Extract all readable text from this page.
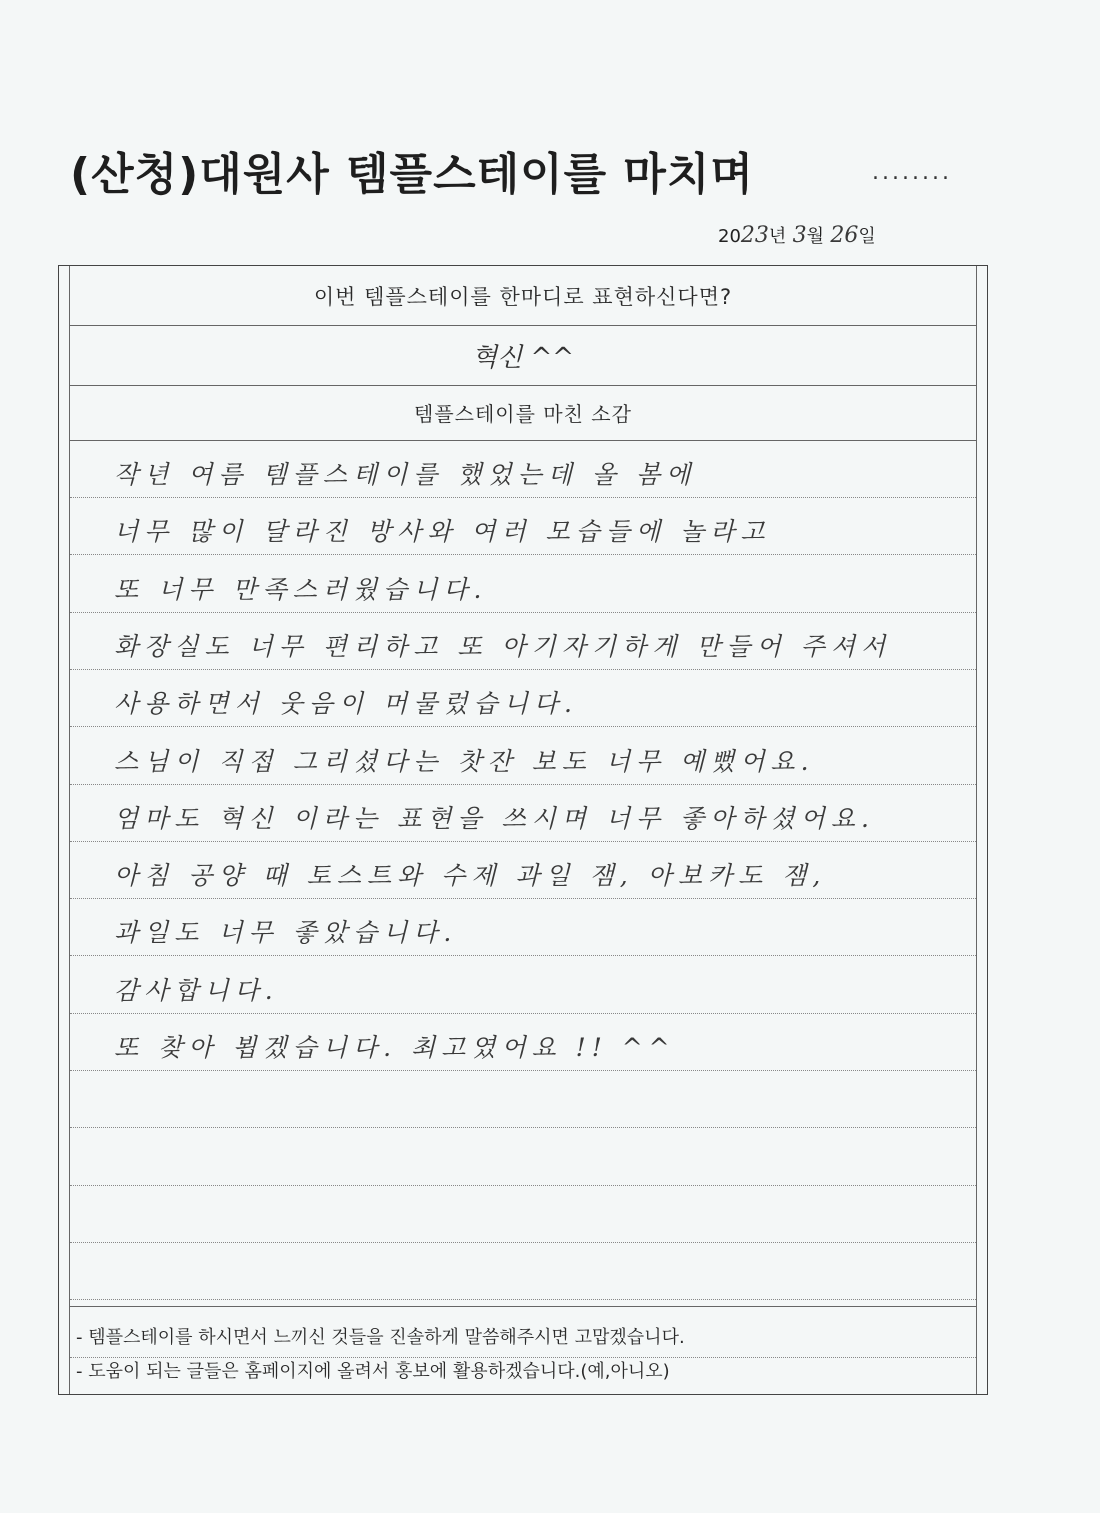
(산청)대원사 템플스테이를 마치며	........
2023년 3월 26일
이번 템플스테이를 한마디로 표현하신다면?
혁신 ^^
템플스테이를 마친 소감
작년 여름 템플스테이를 했었는데 올 봄에
너무 많이 달라진 방사와 여러 모습들에 놀라고
또 너무 만족스러웠습니다.
화장실도 너무 편리하고 또 아기자기하게 만들어 주셔서
사용하면서 웃음이 머물렀습니다.
스님이 직접 그리셨다는 찻잔 보도 너무 예뻤어요.
엄마도 혁신 이라는 표현을 쓰시며 너무 좋아하셨어요.
아침 공양 때 토스트와 수제 과일 잼, 아보카도 잼,
과일도 너무 좋았습니다.
감사합니다.
또 찾아 뵙겠습니다. 최고였어요 !! ^^
- 템플스테이를 하시면서 느끼신 것들을 진솔하게 말씀해주시면 고맙겠습니다.
- 도움이 되는 글들은 홈페이지에 올려서 홍보에 활용하겠습니다.(예,아니오)
